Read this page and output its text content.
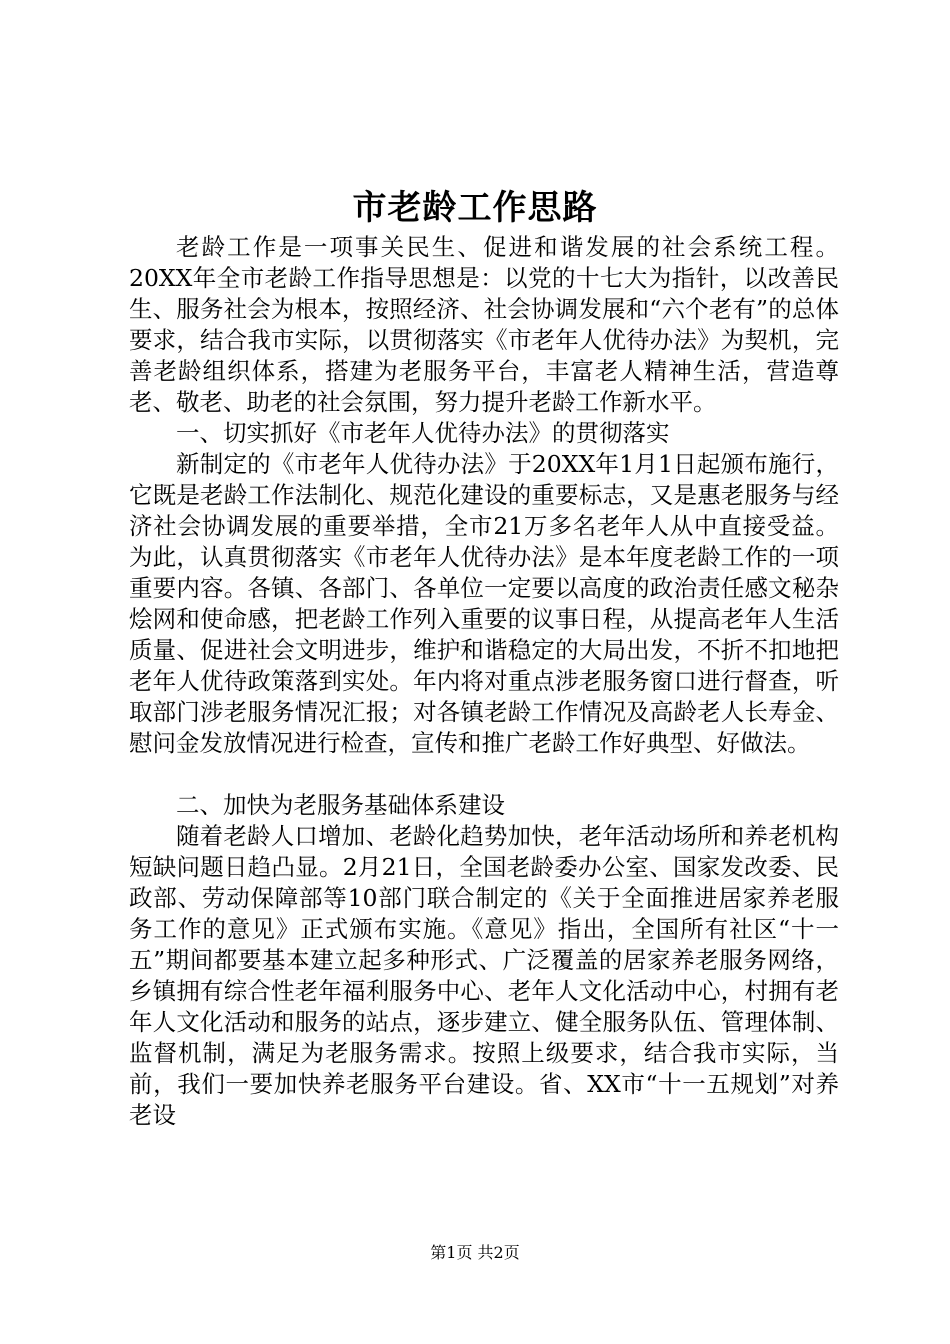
市老龄工作思路

老龄工作是一项事关民生、促进和谐发展的社会系统工程。20XX年全市老龄工作指导思想是：以党的十七大为指针，以改善民生、服务社会为根本，按照经济、社会协调发展和“六个老有”的总体要求，结合我市实际，以贯彻落实《市老年人优待办法》为契机，完善老龄组织体系，搭建为老服务平台，丰富老人精神生活，营造尊老、敬老、助老的社会氛围，努力提升老龄工作新水平。

一、切实抓好《市老年人优待办法》的贯彻落实

新制定的《市老年人优待办法》于20XX年1月1日起颁布施行，它既是老龄工作法制化、规范化建设的重要标志，又是惠老服务与经济社会协调发展的重要举措，全市21万多名老年人从中直接受益。为此，认真贯彻落实《市老年人优待办法》是本年度老龄工作的一项重要内容。各镇、各部门、各单位一定要以高度的政治责任感文秘杂烩网和使命感，把老龄工作列入重要的议事日程，从提高老年人生活质量、促进社会文明进步，维护和谐稳定的大局出发，不折不扣地把老年人优待政策落到实处。年内将对重点涉老服务窗口进行督查，听取部门涉老服务情况汇报；对各镇老龄工作情况及高龄老人长寿金、慰问金发放情况进行检查，宣传和推广老龄工作好典型、好做法。

二、加快为老服务基础体系建设

随着老龄人口增加、老龄化趋势加快，老年活动场所和养老机构短缺问题日趋凸显。2月21日，全国老龄委办公室、国家发改委、民政部、劳动保障部等10部门联合制定的《关于全面推进居家养老服务工作的意见》正式颁布实施。《意见》指出，全国所有社区“十一五”期间都要基本建立起多种形式、广泛覆盖的居家养老服务网络，乡镇拥有综合性老年福利服务中心、老年人文化活动中心，村拥有老年人文化活动和服务的站点，逐步建立、健全服务队伍、管理体制、监督机制，满足为老服务需求。按照上级要求，结合我市实际，当前，我们一要加快养老服务平台建设。省、XX市“十一五规划”对养老设

第1页 共2页
